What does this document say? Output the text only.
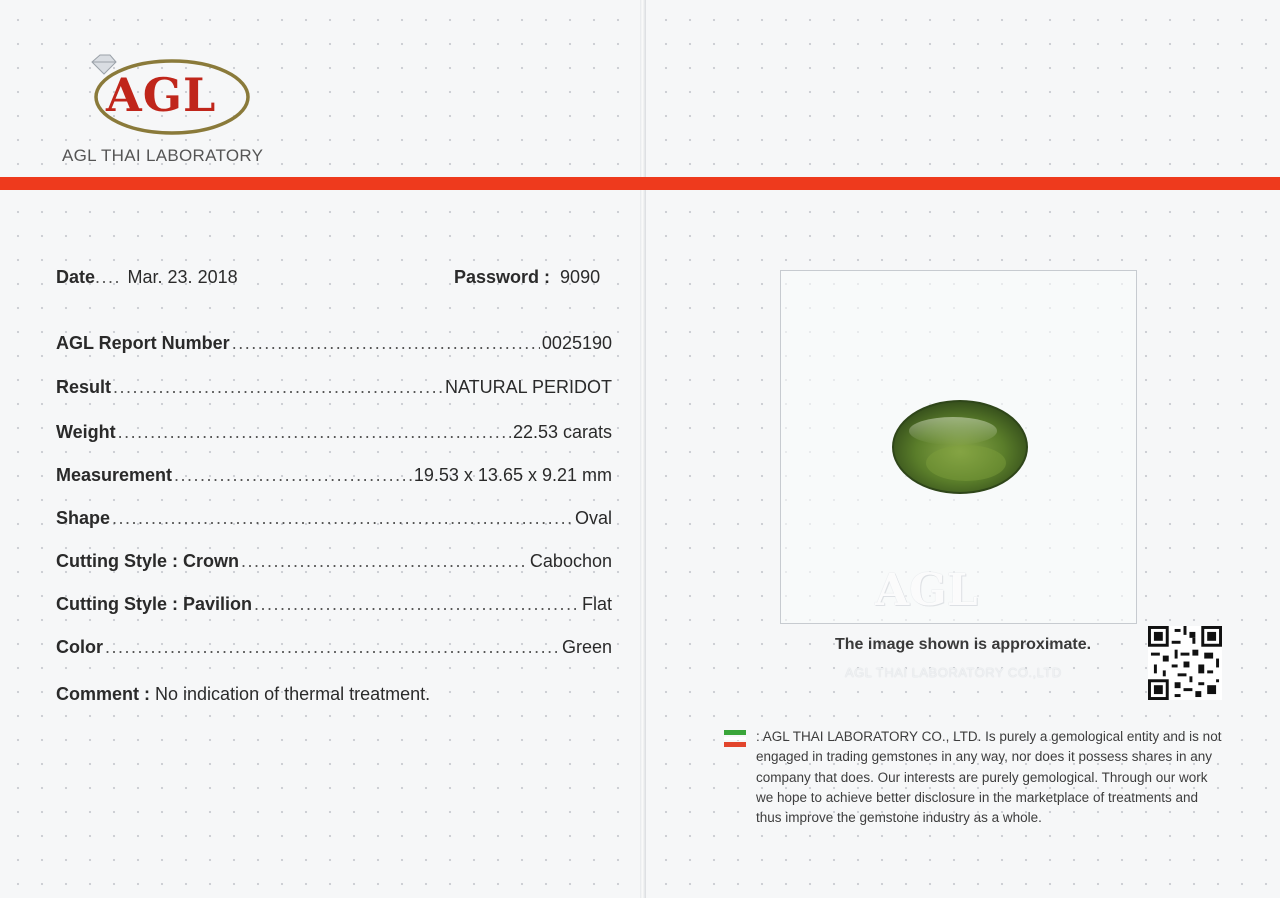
AGL
AGL THAI LABORATORY
Date.... Mar. 23. 2018	Password : 9090
AGL Report Number .....	0025190
Result .....	NATURAL PERIDOT
Weight .....	22.53 carats
Measurement .....	19.53 x 13.65 x 9.21 mm
Shape .....	Oval
Cutting Style : Crown .....	Cabochon
Cutting Style : Pavilion .....	Flat
Color .....	Green
Comment : No indication of thermal treatment.
AGL
The image shown is approximate.
AGL THAI LABORATORY CO.,LTD
: AGL THAI LABORATORY CO., LTD. Is purely a gemological entity and is not engaged in trading gemstones in any way, nor does it possess shares in any company that does. Our interests are purely gemological. Through our work we hope to achieve better disclosure in the marketplace of treatments and thus improve the gemstone industry as a whole.
